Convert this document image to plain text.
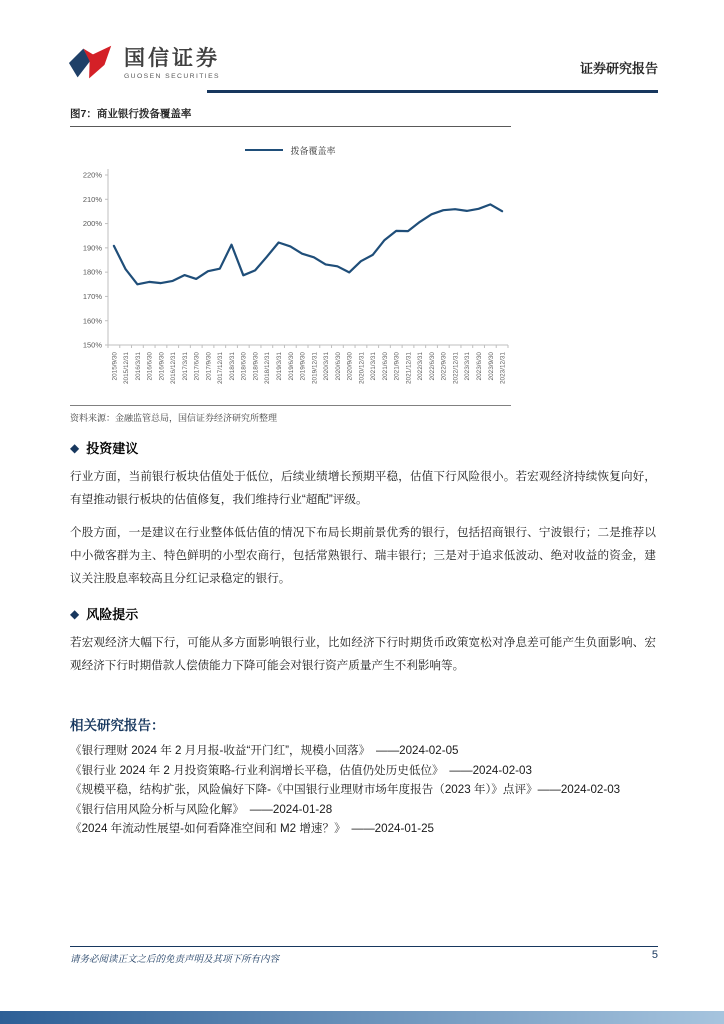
国信证券
GUOSEN SECURITIES	证券研究报告
图7：商业银行拨备覆盖率
拨备覆盖率
150%
160%
170%
180%
190%
200%
210%
220%
2015/9/30 2015/12/31 2016/3/31 2016/6/30 2016/9/30 2016/12/31 2017/3/31 2017/6/30 2017/9/30 2017/12/31 2018/3/31 2018/6/30 2018/9/30 2018/12/31 2019/3/31 2019/6/30 2019/9/30 2019/12/31 2020/3/31 2020/6/30 2020/9/30 2020/12/31 2021/3/31 2021/6/30 2021/9/30 2021/12/31 2022/3/31 2022/6/30 2022/9/30 2022/12/31 2023/3/31 2023/6/30 2023/9/30 2023/12/31
资料来源：金融监管总局，国信证券经济研究所整理
◆ 投资建议

行业方面，当前银行板块估值处于低位，后续业绩增长预期平稳，估值下行风险很小。若宏观经济持续恢复向好，有望推动银行板块的估值修复，我们维持行业“超配”评级。

个股方面，一是建议在行业整体低估值的情况下布局长期前景优秀的银行，包括招商银行、宁波银行；二是推荐以中小微客群为主、特色鲜明的小型农商行，包括常熟银行、瑞丰银行；三是对于追求低波动、绝对收益的资金，建议关注股息率较高且分红记录稳定的银行。

◆ 风险提示

若宏观经济大幅下行，可能从多方面影响银行业，比如经济下行时期货币政策宽松对净息差可能产生负面影响、宏观经济下行时期借款人偿债能力下降可能会对银行资产质量产生不利影响等。

相关研究报告：
《银行理财 2024 年 2 月月报-收益“开门红”，规模小回落》　——2024-02-05
《银行业 2024 年 2 月投资策略-行业利润增长平稳，估值仍处历史低位》　——2024-02-03
《规模平稳，结构扩张，风险偏好下降-《中国银行业理财市场年度报告（2023 年）》点评》——2024-02-03
《银行信用风险分析与风险化解》　——2024-01-28
《2024 年流动性展望-如何看降准空间和 M2 增速？》　——2024-01-25
请务必阅读正文之后的免责声明及其项下所有内容	5
